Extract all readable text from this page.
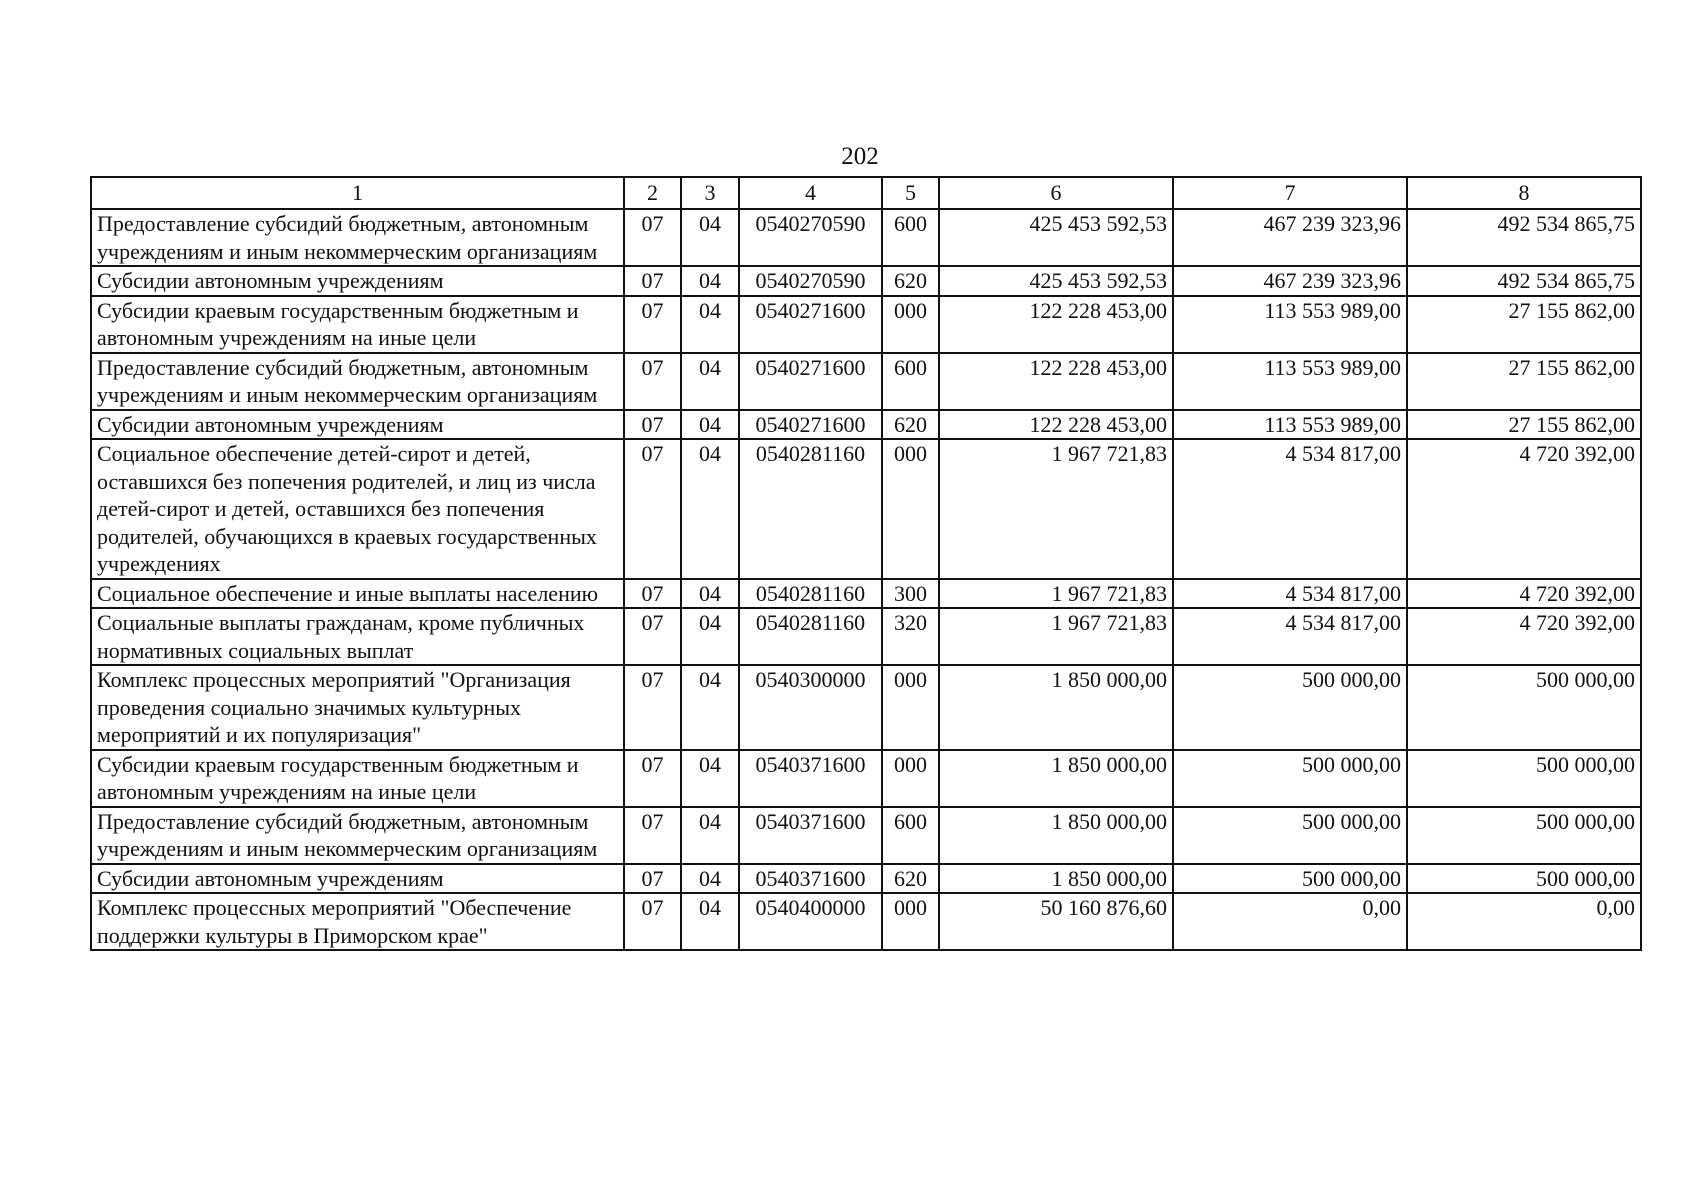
202
1	2	3	4	5	6	7	8
Предоставление субсидий бюджетным, автономным учреждениям и иным некоммерческим организациям	07	04	0540270590	600	425 453 592,53	467 239 323,96	492 534 865,75
Субсидии автономным учреждениям	07	04	0540270590	620	425 453 592,53	467 239 323,96	492 534 865,75
Субсидии краевым государственным бюджетным и автономным учреждениям на иные цели	07	04	0540271600	000	122 228 453,00	113 553 989,00	27 155 862,00
Предоставление субсидий бюджетным, автономным учреждениям и иным некоммерческим организациям	07	04	0540271600	600	122 228 453,00	113 553 989,00	27 155 862,00
Субсидии автономным учреждениям	07	04	0540271600	620	122 228 453,00	113 553 989,00	27 155 862,00
Социальное обеспечение детей-сирот и детей, оставшихся без попечения родителей, и лиц из числа детей-сирот и детей, оставшихся без попечения родителей, обучающихся в краевых государственных учреждениях	07	04	0540281160	000	1 967 721,83	4 534 817,00	4 720 392,00
Социальное обеспечение и иные выплаты населению	07	04	0540281160	300	1 967 721,83	4 534 817,00	4 720 392,00
Социальные выплаты гражданам, кроме публичных нормативных социальных выплат	07	04	0540281160	320	1 967 721,83	4 534 817,00	4 720 392,00
Комплекс процессных мероприятий "Организация проведения социально значимых культурных мероприятий и их популяризация"	07	04	0540300000	000	1 850 000,00	500 000,00	500 000,00
Субсидии краевым государственным бюджетным и автономным учреждениям на иные цели	07	04	0540371600	000	1 850 000,00	500 000,00	500 000,00
Предоставление субсидий бюджетным, автономным учреждениям и иным некоммерческим организациям	07	04	0540371600	600	1 850 000,00	500 000,00	500 000,00
Субсидии автономным учреждениям	07	04	0540371600	620	1 850 000,00	500 000,00	500 000,00
Комплекс процессных мероприятий "Обеспечение поддержки культуры в Приморском крае"	07	04	0540400000	000	50 160 876,60	0,00	0,00
